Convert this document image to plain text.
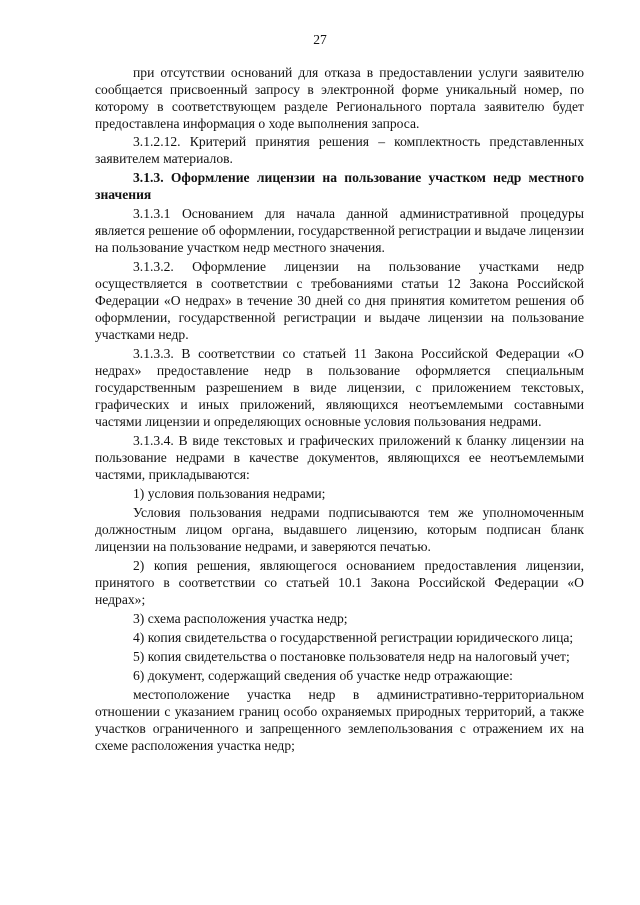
27

при отсутствии оснований для отказа в предоставлении услуги заявителю сообщается присвоенный запросу в электронной форме уникальный номер, по которому в соответствующем разделе Регионального портала заявителю будет предоставлена информация о ходе выполнения запроса.

3.1.2.12. Критерий принятия решения – комплектность представленных заявителем материалов.

3.1.3. Оформление лицензии на пользование участком недр местного значения

3.1.3.1 Основанием для начала данной административной процедуры является решение об оформлении, государственной регистрации и выдаче лицензии на пользование участком недр местного значения.

3.1.3.2. Оформление лицензии на пользование участками недр осуществляется в соответствии с требованиями статьи 12 Закона Российской Федерации «О недрах» в течение 30 дней со дня принятия комитетом решения об оформлении, государственной регистрации и выдаче лицензии на пользование участками недр.

3.1.3.3. В соответствии со статьей 11 Закона Российской Федерации «О недрах» предоставление недр в пользование оформляется специальным государственным разрешением в виде лицензии, с приложением текстовых, графических и иных приложений, являющихся неотъемлемыми составными частями лицензии и определяющих основные условия пользования недрами.

3.1.3.4. В виде текстовых и графических приложений к бланку лицензии на пользование недрами в качестве документов, являющихся ее неотъемлемыми частями, прикладываются:

1) условия пользования недрами;

Условия пользования недрами подписываются тем же уполномоченным должностным лицом органа, выдавшего лицензию, которым подписан бланк лицензии на пользование недрами, и заверяются печатью.

2) копия решения, являющегося основанием предоставления лицензии, принятого в соответствии со статьей 10.1 Закона Российской Федерации «О недрах»;

3) схема расположения участка недр;

4) копия свидетельства о государственной регистрации юридического лица;

5) копия свидетельства о постановке пользователя недр на налоговый учет;

6) документ, содержащий сведения об участке недр отражающие:

местоположение участка недр в административно-территориальном отношении с указанием границ особо охраняемых природных территорий, а также участков ограниченного и запрещенного землепользования с отражением их на схеме расположения участка недр;
